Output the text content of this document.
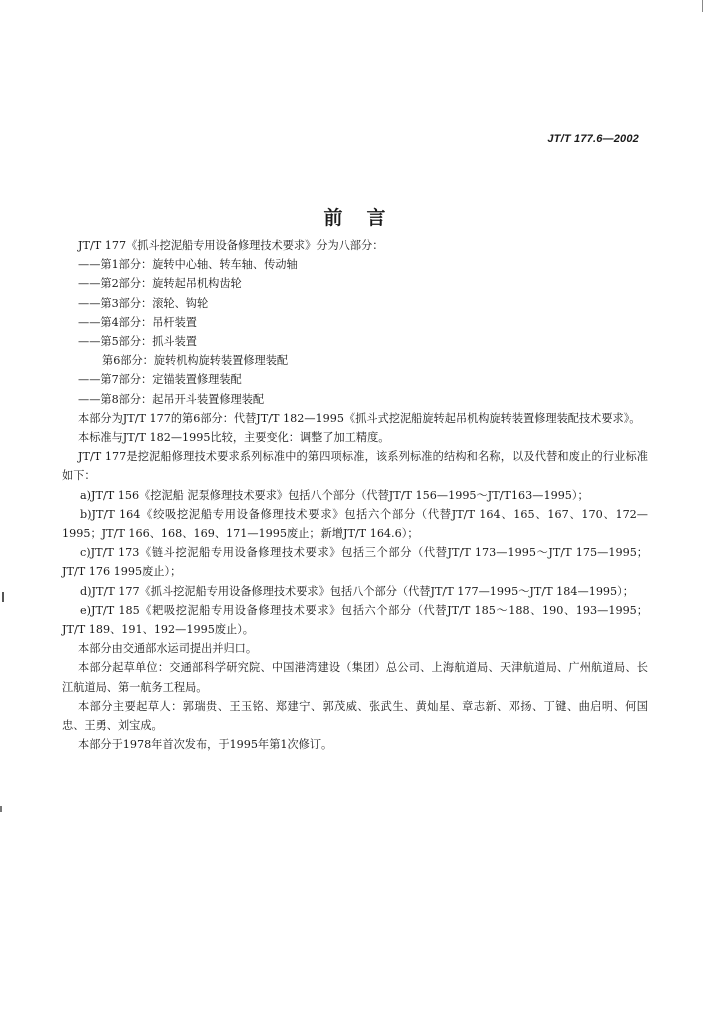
JT/T 177.6—2002
前言
JT/T 177《抓斗挖泥船专用设备修理技术要求》分为八部分：
——第1部分：旋转中心轴、转车轴、传动轴
——第2部分：旋转起吊机构齿轮
——第3部分：滚轮、钩轮
——第4部分：吊杆装置
——第5部分：抓斗装置
第6部分：旋转机构旋转装置修理装配
——第7部分：定锚装置修理装配
——第8部分：起吊开斗装置修理装配
本部分为JT/T 177的第6部分：代替JT/T 182—1995《抓斗式挖泥船旋转起吊机构旋转装置修理装配技术要求》。
本标准与JT/T 182—1995比较，主要变化：调整了加工精度。
JT/T 177是挖泥船修理技术要求系列标准中的第四项标准，该系列标准的结构和名称，以及代替和废止的行业标准如下：
a)JT/T 156《挖泥船 泥泵修理技术要求》包括八个部分（代替JT/T 156—1995～JT/T163—1995）；
b)JT/T 164《绞吸挖泥船专用设备修理技术要求》包括六个部分（代替JT/T 164、165、167、170、172—1995；JT/T 166、168、169、171—1995废止；新增JT/T 164.6）；
c)JT/T 173《链斗挖泥船专用设备修理技术要求》包括三个部分（代替JT/T 173—1995～JT/T 175—1995；JT/T 176 1995废止）；
d)JT/T 177《抓斗挖泥船专用设备修理技术要求》包括八个部分（代替JT/T 177—1995～JT/T 184—1995）；
e)JT/T 185《耙吸挖泥船专用设备修理技术要求》包括六个部分（代替JT/T 185～188、190、193—1995；JT/T 189、191、192—1995废止）。
本部分由交通部水运司提出并归口。
本部分起草单位：交通部科学研究院、中国港湾建设（集团）总公司、上海航道局、天津航道局、广州航道局、长江航道局、第一航务工程局。
本部分主要起草人：郭瑞贵、王玉铭、郑建宁、郭茂威、张武生、黄灿星、章志新、邓扬、丁键、曲启明、何国忠、王勇、刘宝成。
本部分于1978年首次发布，于1995年第1次修订。
